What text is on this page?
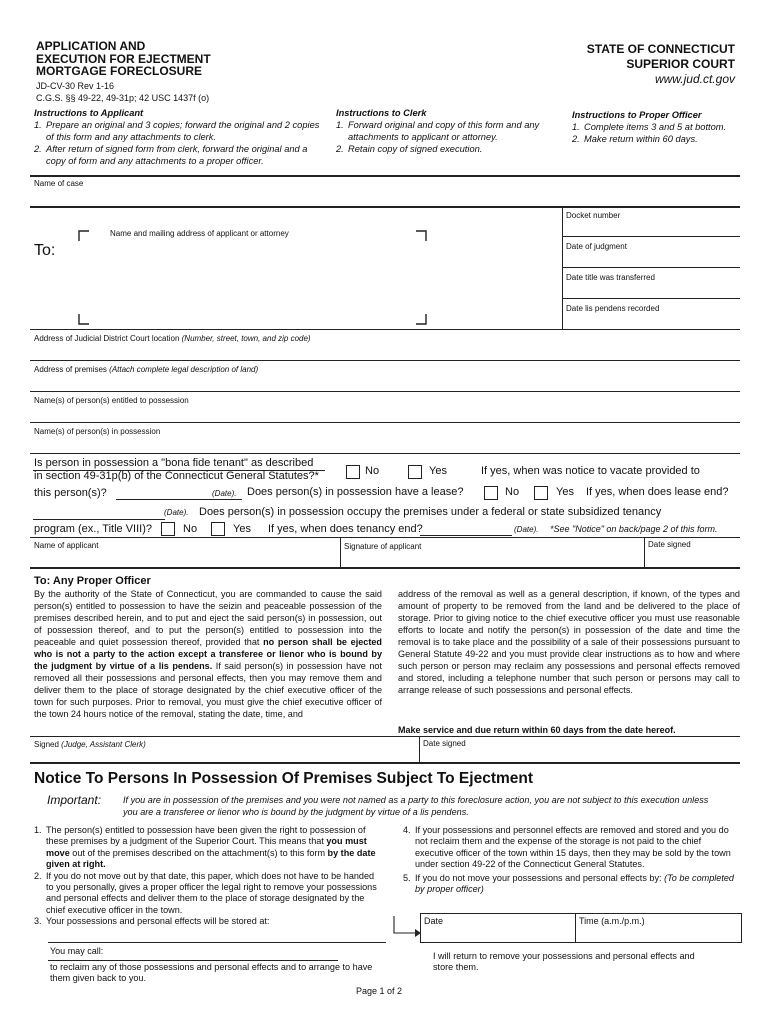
APPLICATION AND
EXECUTION FOR EJECTMENT
MORTGAGE FORECLOSURE
JD-CV-30 Rev 1-16
C.G.S. §§ 49-22, 49-31p; 42 USC 1437f (o)
STATE OF CONNECTICUT
SUPERIOR COURT
www.jud.ct.gov
Instructions to Applicant
1. Prepare an original and 3 copies; forward the original and 2 copies of this form and any attachments to clerk.
2. After return of signed form from clerk, forward the original and a copy of form and any attachments to a proper officer.
Instructions to Clerk
1. Forward original and copy of this form and any attachments to applicant or attorney.
2. Retain copy of signed execution.
Instructions to Proper Officer
1. Complete items 3 and 5 at bottom.
2. Make return within 60 days.
Name of case
Docket number
Date of judgment
Date title was transferred
Date lis pendens recorded
To:
Name and mailing address of applicant or attorney
Address of Judicial District Court location (Number, street, town, and zip code)
Address of premises (Attach complete legal description of land)
Name(s) of person(s) entitled to possession
Name(s) of person(s) in possession
Is person in possession a "bona fide tenant" as described
in section 49-31p(b) of the Connecticut General Statutes?*	No	Yes	If yes, when was notice to vacate provided to
this person(s)?	(Date). Does person(s) in possession have a lease?	No	Yes If yes, when does lease end?
(Date). Does person(s) in possession occupy the premises under a federal or state subsidized tenancy
program (ex., Title VIII)?	No	Yes If yes, when does tenancy end?	(Date). *See "Notice" on back/page 2 of this form.
Name of applicant	Signature of applicant	Date signed
To: Any Proper Officer
By the authority of the State of Connecticut, you are commanded to cause the said person(s) entitled to possession to have the seizin and peaceable possession of the premises described herein, and to put and eject the said person(s) in possession, out of possession thereof, and to put the person(s) entitled to possession into the peaceable and quiet possession thereof, provided that no person shall be ejected who is not a party to the action except a transferee or lienor who is bound by the judgment by virtue of a lis pendens. If said person(s) in possession have not removed all their possessions and personal effects, then you may remove them and deliver them to the place of storage designated by the chief executive officer of the town for such purposes. Prior to removal, you must give the chief executive officer of the town 24 hours notice of the removal, stating the date, time, and
address of the removal as well as a general description, if known, of the types and amount of property to be removed from the land and be delivered to the place of storage. Prior to giving notice to the chief executive officer you must use reasonable efforts to locate and notify the person(s) in possession of the date and time the removal is to take place and the possibility of a sale of their possessions pursuant to General Statute 49-22 and you must provide clear instructions as to how and where such person or person may reclaim any possessions and personal effects removed and stored, including a telephone number that such person or persons may call to arrange release of such possessions and personal effects.
Make service and due return within 60 days from the date hereof.
Signed (Judge, Assistant Clerk)	Date signed
Notice To Persons In Possession Of Premises Subject To Ejectment
Important: If you are in possession of the premises and you were not named as a party to this foreclosure action, you are not subject to this execution unless you are a transferee or lienor who is bound by the judgment by virtue of a lis pendens.
1. The person(s) entitled to possession have been given the right to possession of these premises by a judgment of the Superior Court. This means that you must move out of the premises described on the attachment(s) to this form by the date given at right.
2. If you do not move out by that date, this paper, which does not have to be handed to you personally, gives a proper officer the legal right to remove your possessions and personal effects and deliver them to the place of storage designated by the chief executive officer in the town.
3. Your possessions and personal effects will be stored at:
4. If your possessions and personnel effects are removed and stored and you do not reclaim them and the expense of the storage is not paid to the chief executive officer of the town within 15 days, then they may be sold by the town under section 49-22 of the Connecticut General Statutes.
5. If you do not move your possessions and personal effects by: (To be completed by proper officer)
Date	Time (a.m./p.m.)
You may call:
to reclaim any of those possessions and personal effects and to arrange to have them given back to you.
I will return to remove your possessions and personal effects and store them.
Page 1 of 2
